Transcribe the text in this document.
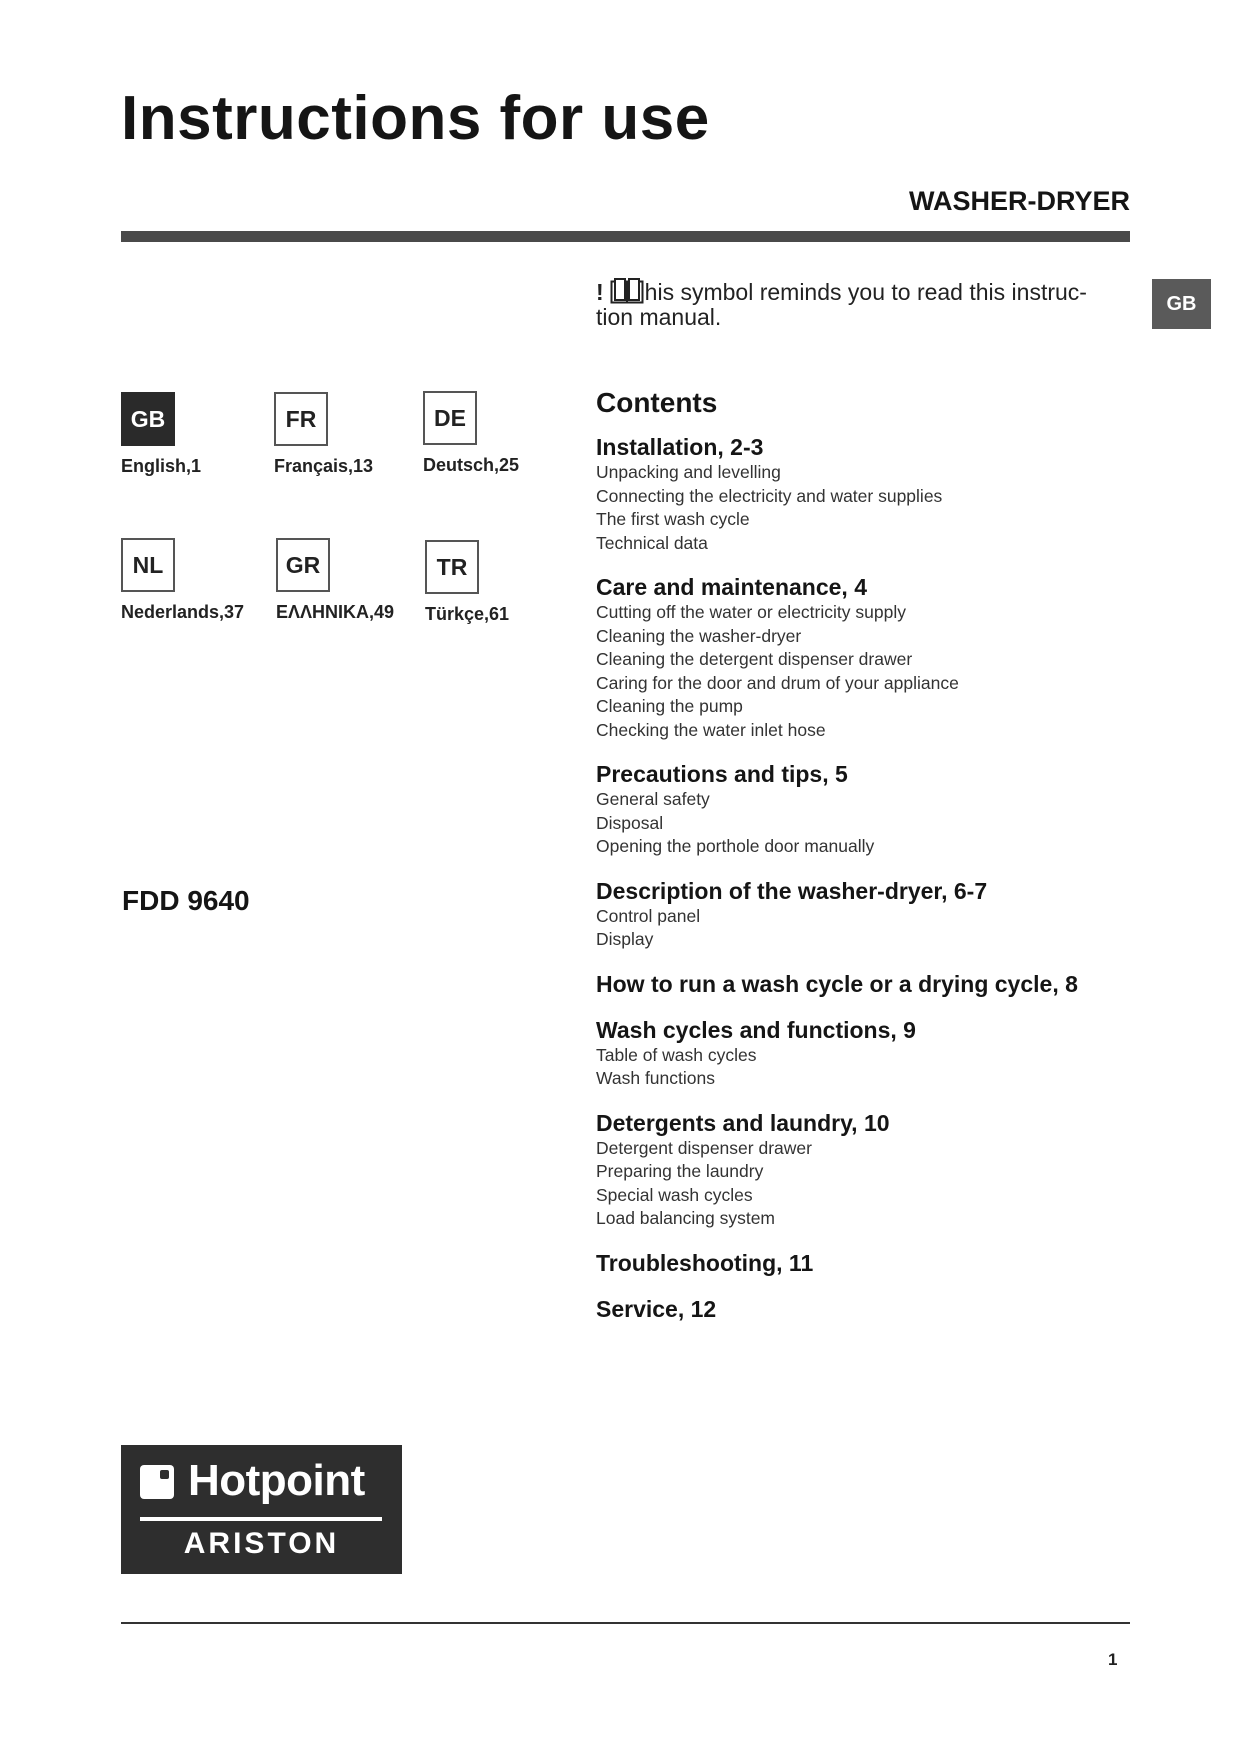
Instructions for use
WASHER-DRYER
GB
! his symbol reminds you to read this instruc- tion manual.
GB
English,1
FR
Français,13
DE
Deutsch,25
NL
Nederlands,37
GR
ΕΛΛΗΝΙΚΑ,49
TR
Türkçe,61
FDD 9640
Contents
Installation, 2-3
Unpacking and levelling
Connecting the electricity and water supplies
The first wash cycle
Technical data
Care and maintenance, 4
Cutting off the water or electricity supply
Cleaning the washer-dryer
Cleaning the detergent dispenser drawer
Caring for the door and drum of your appliance
Cleaning the pump
Checking the water inlet hose
Precautions and tips, 5
General safety
Disposal
Opening the porthole door manually
Description of the washer-dryer, 6-7
Control panel
Display
How to run a wash cycle or a drying cycle, 8
Wash cycles and functions, 9
Table of wash cycles
Wash functions
Detergents and laundry, 10
Detergent dispenser drawer
Preparing the laundry
Special wash cycles
Load balancing system
Troubleshooting, 11
Service, 12
Hotpoint
ARISTON
1
